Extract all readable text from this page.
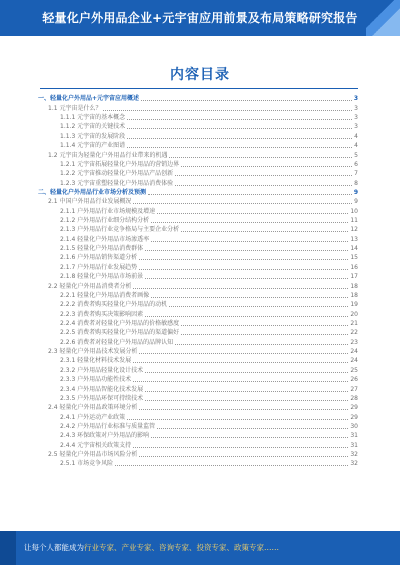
轻量化户外用品企业+元宇宙应用前景及布局策略研究报告
内容目录
一、轻量化户外用品+元宇宙应用概述	3
1.1 元宇宙是什么？	3
1.1.1 元宇宙的基本概念	3
1.1.2 元宇宙的关键技术	3
1.1.3 元宇宙的发展阶段	4
1.1.4 元宇宙的产业图谱	4
1.2 元宇宙为轻量化户外用品行业带来的机遇	5
1.2.1 元宇宙拓展轻量化户外用品的营销边界	6
1.2.2 元宇宙推动轻量化户外用品产品创新	7
1.2.3 元宇宙重塑轻量化户外用品消费体验	8
二、轻量化户外用品行业市场分析及预测	9
2.1 中国户外用品行业发展概况	9
2.1.1 户外用品行业市场规模及增速	10
2.1.2 户外用品行业细分结构分析	11
2.1.3 户外用品行业竞争格局与主要企业分析	12
2.1.4 轻量化户外用品市场渗透率	13
2.1.5 轻量化户外用品消费群体	14
2.1.6 户外用品销售渠道分析	15
2.1.7 户外用品行业发展趋势	16
2.1.8 轻量化户外用品市场前景	17
2.2 轻量化户外用品消费者分析	18
2.2.1 轻量化户外用品消费者画像	18
2.2.2 消费者购买轻量化户外用品的动机	19
2.2.3 消费者购买决策影响因素	20
2.2.4 消费者对轻量化户外用品的价格敏感度	21
2.2.5 消费者购买轻量化户外用品的渠道偏好	22
2.2.6 消费者对轻量化户外用品的品牌认知	23
2.3 轻量化户外用品技术发展分析	24
2.3.1 轻量化材料技术发展	24
2.3.2 户外用品轻量化设计技术	25
2.3.3 户外用品功能性技术	26
2.3.4 户外用品智能化技术发展	27
2.3.5 户外用品环保可持续技术	28
2.4 轻量化户外用品政策环境分析	29
2.4.1 户外运动产业政策	29
2.4.2 户外用品行业标准与质量监管	30
2.4.3 环保政策对户外用品的影响	31
2.4.4 元宇宙相关政策支持	31
2.5 轻量化户外用品市场风险分析	32
2.5.1 市场竞争风险	32
让每个人都能成为行业专家、产业专家、咨询专家、投资专家、政策专家……
